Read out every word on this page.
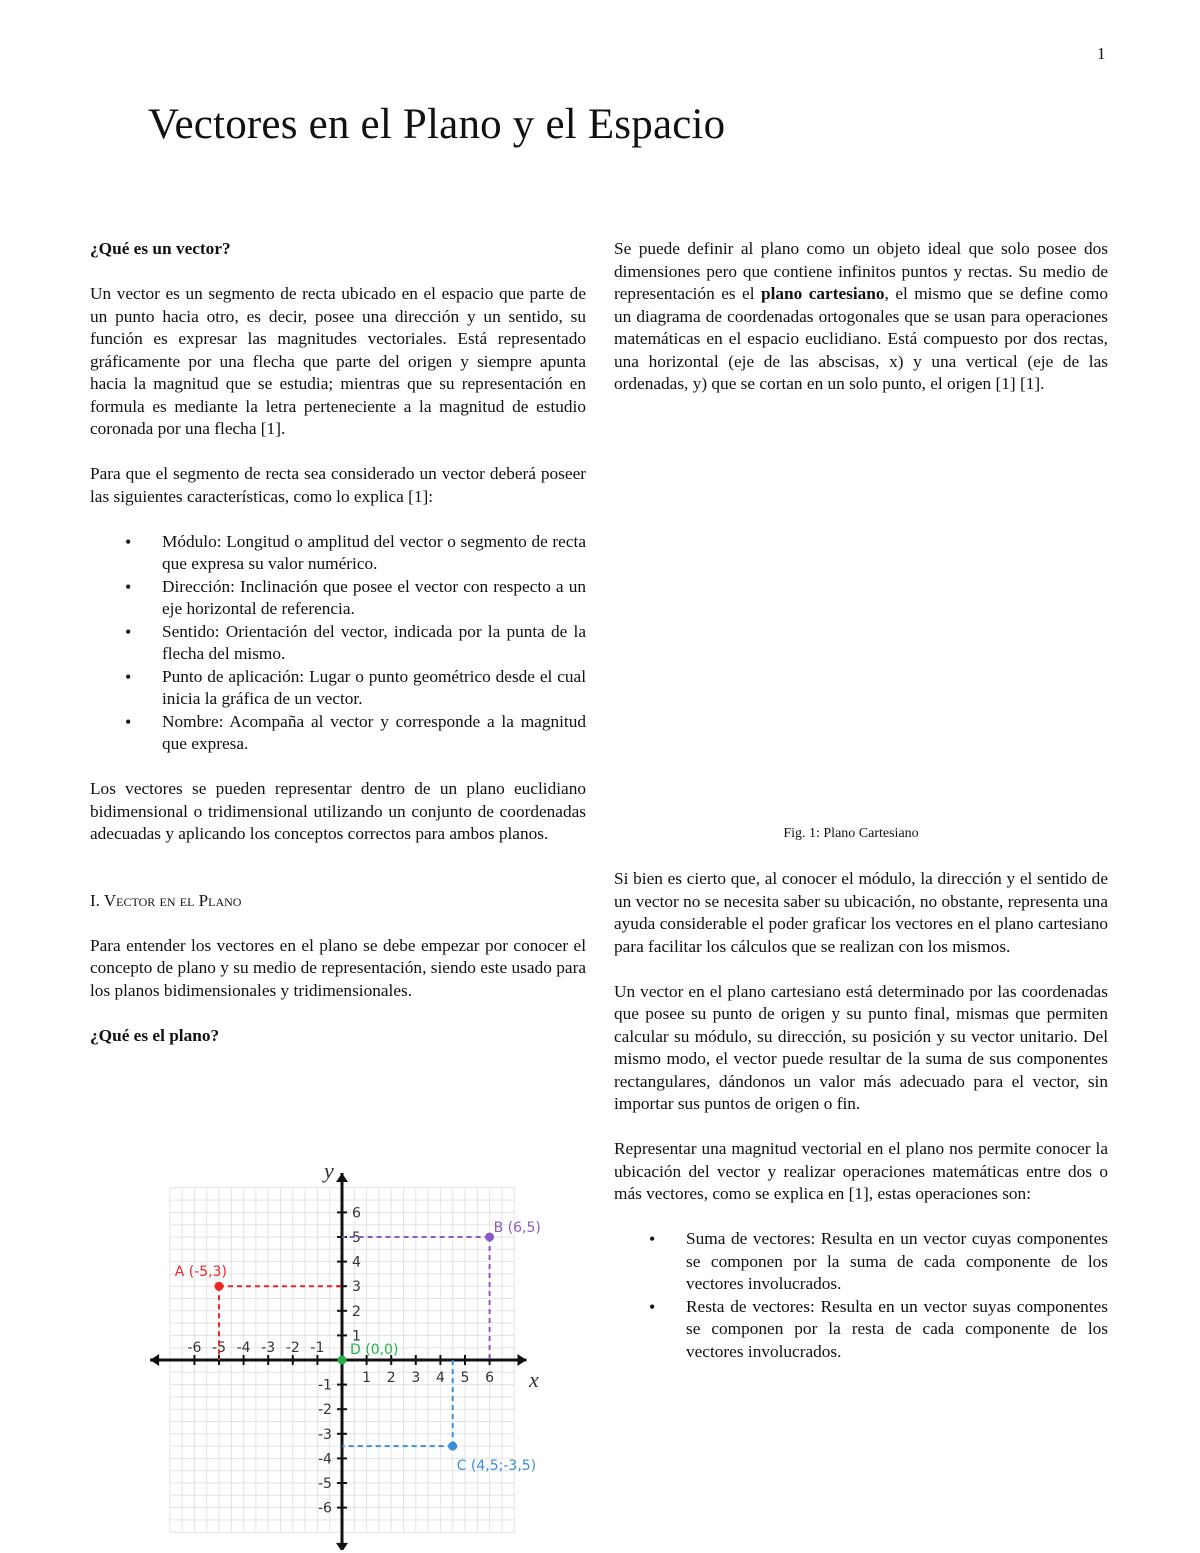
1
Vectores en el Plano y el Espacio
¿Qué es un vector?

Un vector es un segmento de recta ubicado en el espacio que parte de un punto hacia otro, es decir, posee una dirección y un sentido, su función es expresar las magnitudes vectoriales. Está representado gráficamente por una flecha que parte del origen y siempre apunta hacia la magnitud que se estudia; mientras que su representación en formula es mediante la letra perteneciente a la magnitud de estudio coronada por una flecha [1].

Para que el segmento de recta sea considerado un vector deberá poseer las siguientes características, como lo explica [1]:

• Módulo: Longitud o amplitud del vector o segmento de recta que expresa su valor numérico.
• Dirección: Inclinación que posee el vector con respecto a un eje horizontal de referencia.
• Sentido: Orientación del vector, indicada por la punta de la flecha del mismo.
• Punto de aplicación: Lugar o punto geométrico desde el cual inicia la gráfica de un vector.
• Nombre: Acompaña al vector y corresponde a la magnitud que expresa.

Los vectores se pueden representar dentro de un plano euclidiano bidimensional o tridimensional utilizando un conjunto de coordenadas adecuadas y aplicando los conceptos correctos para ambos planos.

I. Vector en el Plano

Para entender los vectores en el plano se debe empezar por conocer el concepto de plano y su medio de representación, siendo este usado para los planos bidimensionales y tridimensionales.

¿Qué es el plano?

Se puede definir al plano como un objeto ideal que solo posee dos dimensiones pero que contiene infinitos puntos y rectas. Su medio de representación es el plano cartesiano, el mismo que se define como un diagrama de coordenadas ortogonales que se usan para operaciones matemáticas en el espacio euclidiano. Está compuesto por dos rectas, una horizontal (eje de las abscisas, x) y una vertical (eje de las ordenadas, y) que se cortan en un solo punto, el origen [1] [1].

Fig. 1: Plano Cartesiano

Si bien es cierto que, al conocer el módulo, la dirección y el sentido de un vector no se necesita saber su ubicación, no obstante, representa una ayuda considerable el poder graficar los vectores en el plano cartesiano para facilitar los cálculos que se realizan con los mismos.

Un vector en el plano cartesiano está determinado por las coordenadas que posee su punto de origen y su punto final, mismas que permiten calcular su módulo, su dirección, su posición y su vector unitario. Del mismo modo, el vector puede resultar de la suma de sus componentes rectangulares, dándonos un valor más adecuado para el vector, sin importar sus puntos de origen o fin.

Representar una magnitud vectorial en el plano nos permite conocer la ubicación del vector y realizar operaciones matemáticas entre dos o más vectores, como se explica en [1], estas operaciones son:

• Suma de vectores: Resulta en un vector cuyas componentes se componen por la suma de cada componente de los vectores involucrados.
• Resta de vectores: Resulta en un vector suyas componentes se componen por la resta de cada componente de los vectores involucrados.
x
y
-6 -5 -4 -3 -2 -1
1 2 3 4 5 6
6
5
4
3
2
1
-1
-2
-3
-4
-5
-6
A (-5,3)
B (6,5)
D (0,0)
C (4,5;-3,5)
